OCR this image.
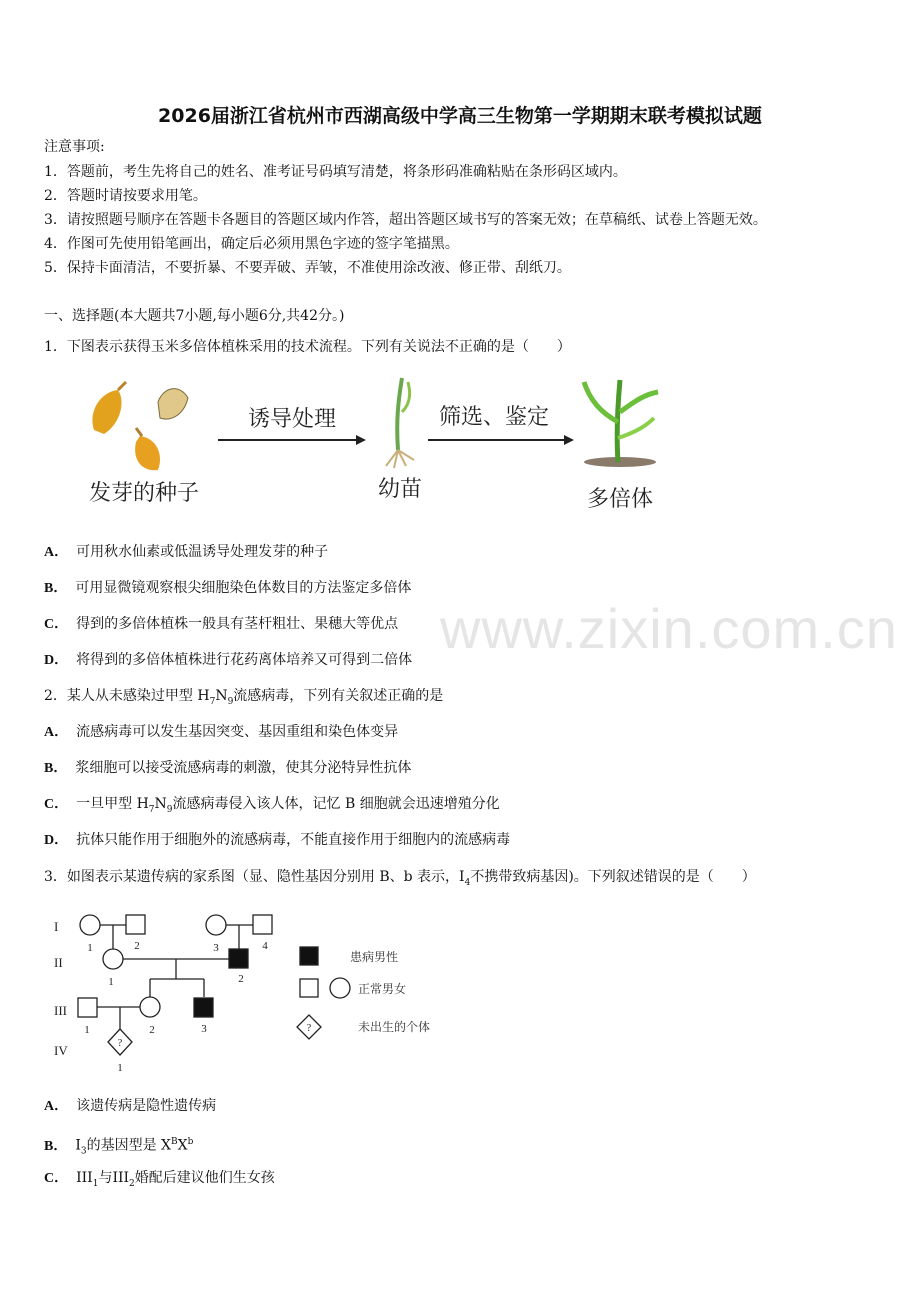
2026届浙江省杭州市西湖高级中学高三生物第一学期期末联考模拟试题
注意事项:
1．答题前，考生先将自己的姓名、准考证号码填写清楚，将条形码准确粘贴在条形码区域内。
2．答题时请按要求用笔。
3．请按照题号顺序在答题卡各题目的答题区域内作答，超出答题区域书写的答案无效；在草稿纸、试卷上答题无效。
4．作图可先使用铅笔画出，确定后必须用黑色字迹的签字笔描黑。
5．保持卡面清洁，不要折暴、不要弄破、弄皱，不准使用涂改液、修正带、刮纸刀。
一、选择题(本大题共7小题,每小题6分,共42分。)
1．下图表示获得玉米多倍体植株采用的技术流程。下列有关说法不正确的是（　　）
诱导处理	筛选、鉴定
发芽的种子	幼苗	多倍体
A． 可用秋水仙素或低温诱导处理发芽的种子
B． 可用显微镜观察根尖细胞染色体数目的方法鉴定多倍体
C． 得到的多倍体植株一般具有茎杆粗壮、果穗大等优点
D． 将得到的多倍体植株进行花药离体培养又可得到二倍体
2．某人从未感染过甲型 $H_7N_9$流感病毒，下列有关叙述正确的是
A． 流感病毒可以发生基因突变、基因重组和染色体变异
B． 浆细胞可以接受流感病毒的刺激，使其分泌特异性抗体
C． 一旦甲型 $H_7N_9$流感病毒侵入该人体，记忆 B 细胞就会迅速增殖分化
D． 抗体只能作用于细胞外的流感病毒，不能直接作用于细胞内的流感病毒
3．如图表示某遗传病的家系图（显、隐性基因分别用 B、b 表示，$I_4$不携带致病基因)。下列叙述错误的是（　　）
I
II
III
IV
1	2	3	4
1	2
1	2	3
1
?
?
患病男性
正常男女
未出生的个体
A． 该遗传病是隐性遗传病
B． $I_3$的基因型是 $X^BX^b$
C． $III_1$与$III_2$婚配后建议他们生女孩
www.zixin.com.cn
